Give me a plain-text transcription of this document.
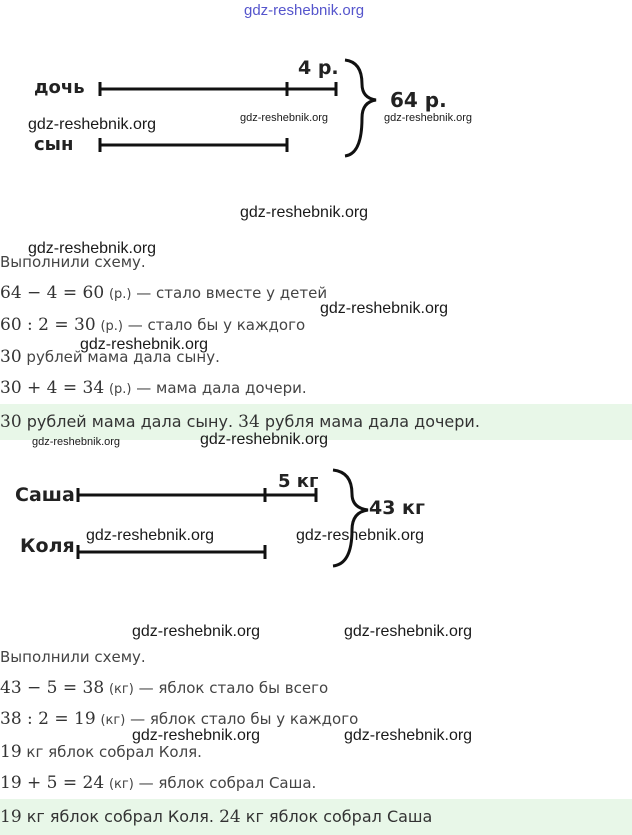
gdz-reshebnik.org
дочь
сын
4 р.
64 р.
gdz-reshebnik.org	gdz-reshebnik.org	gdz-reshebnik.org
gdz-reshebnik.org
gdz-reshebnik.org
Выполнили схему.
64 − 4 = 60 (р.) — стало вместе у детей
gdz-reshebnik.org
60 : 2 = 30 (р.) — стало бы у каждого
gdz-reshebnik.org
30 рублей мама дала сыну.
30 + 4 = 34 (р.) — мама дала дочери.
30 рублей мама дала сыну. 34 рубля мама дала дочери.
gdz-reshebnik.org	gdz-reshebnik.org
Саша
Коля
5 кг
43 кг
gdz-reshebnik.org	gdz-reshebnik.org
gdz-reshebnik.org	gdz-reshebnik.org
Выполнили схему.
43 − 5 = 38 (кг) — яблок стало бы всего
38 : 2 = 19 (кг) — яблок стало бы у каждого
gdz-reshebnik.org	gdz-reshebnik.org
19 кг яблок собрал Коля.
19 + 5 = 24 (кг) — яблок собрал Саша.
19 кг яблок собрал Коля. 24 кг яблок собрал Саша
